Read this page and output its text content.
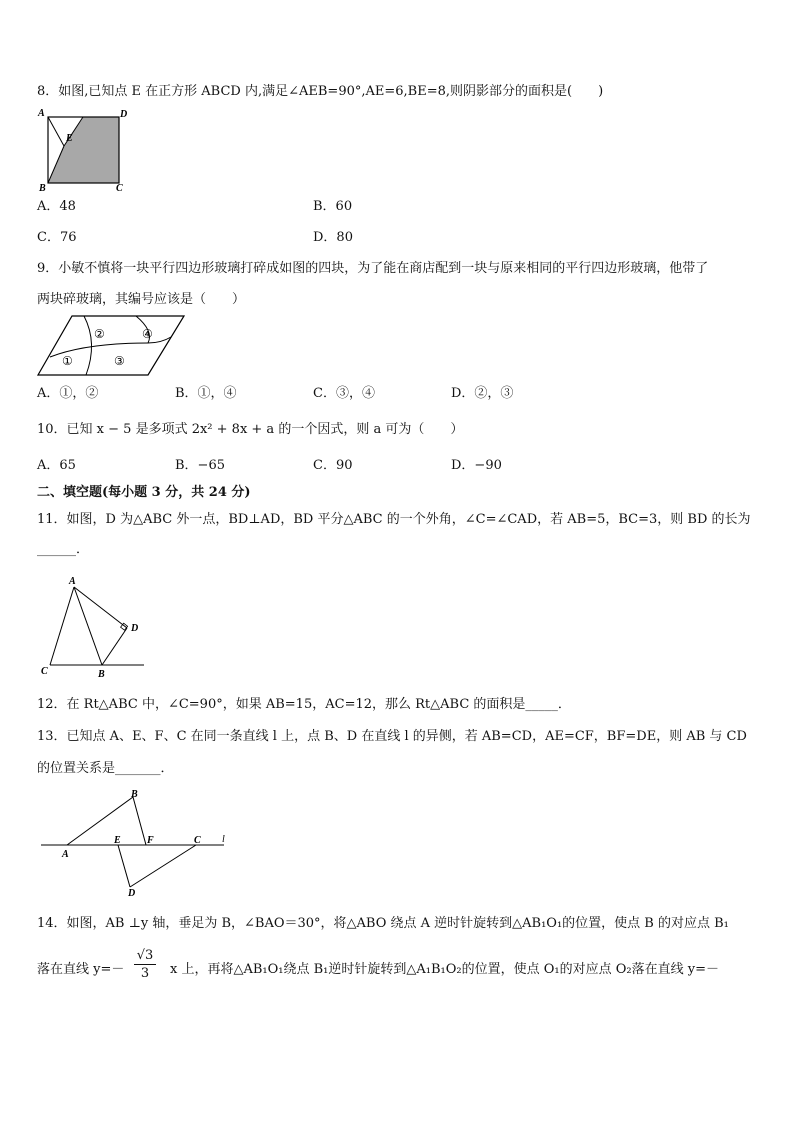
8．如图,已知点 E 在正方形 ABCD 内,满足∠AEB=90°,AE=6,BE=8,则阴影部分的面积是(　　)
A	D
B	C
E
A．48	B．60
C．76	D．80
9．小敏不慎将一块平行四边形玻璃打碎成如图的四块，为了能在商店配到一块与原来相同的平行四边形玻璃，他带了
两块碎玻璃，其编号应该是（　　）
①
②
③
④
A．①，②	B．①，④	C．③，④	D．②，③
10．已知 x − 5 是多项式 2x² + 8x + a 的一个因式，则 a 可为（　　）
A．65	B．−65	C．90	D．−90
二、填空题(每小题 3 分，共 24 分)
11．如图，D 为△ABC 外一点，BD⊥AD，BD 平分△ABC 的一个外角，∠C=∠CAD，若 AB=5，BC=3，则 BD 的长为
______．
A
D
C	B
12．在 Rt△ABC 中，∠C=90°，如果 AB=15，AC=12，那么 Rt△ABC 的面积是_____．
13．已知点 A、E、F、C 在同一条直线 l 上，点 B、D 在直线 l 的异侧，若 AB=CD，AE=CF，BF=DE，则 AB 与 CD
的位置关系是_______．
B
A
E	F	C l
D
14．如图，AB ⊥y 轴，垂足为 B，∠BAO＝30°，将△ABO 绕点 A 逆时针旋转到△AB₁O₁的位置，使点 B 的对应点 B₁
落在直线 $y=- \frac{√3}{3}$ x 上，再将△AB₁O₁绕点 B₁逆时针旋转到△A₁B₁O₂的位置，使点 O₁的对应点 O₂落在直线 y=－
